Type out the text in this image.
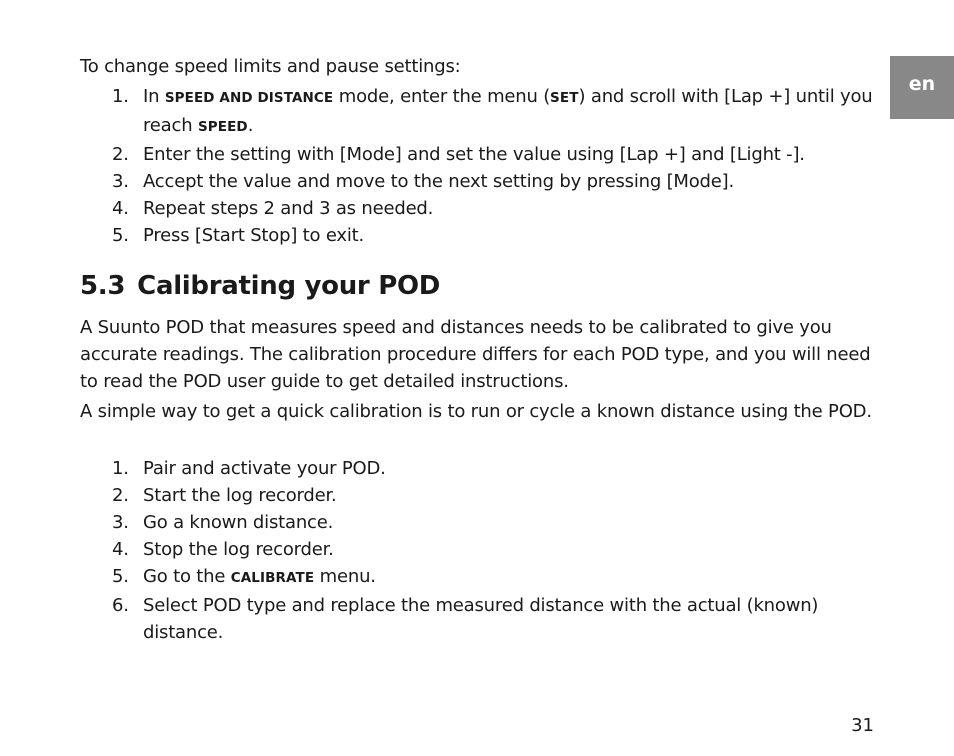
en
To change speed limits and pause settings:
1. In SPEED AND DISTANCE mode, enter the menu (SET) and scroll with [Lap +] until you reach SPEED.
2. Enter the setting with [Mode] and set the value using [Lap +] and [Light -].
3. Accept the value and move to the next setting by pressing [Mode].
4. Repeat steps 2 and 3 as needed.
5. Press [Start Stop] to exit.
5.3 Calibrating your POD
A Suunto POD that measures speed and distances needs to be calibrated to give you accurate readings. The calibration procedure differs for each POD type, and you will need to read the POD user guide to get detailed instructions.
A simple way to get a quick calibration is to run or cycle a known distance using the POD.
1. Pair and activate your POD.
2. Start the log recorder.
3. Go a known distance.
4. Stop the log recorder.
5. Go to the CALIBRATE menu.
6. Select POD type and replace the measured distance with the actual (known) distance.
31
